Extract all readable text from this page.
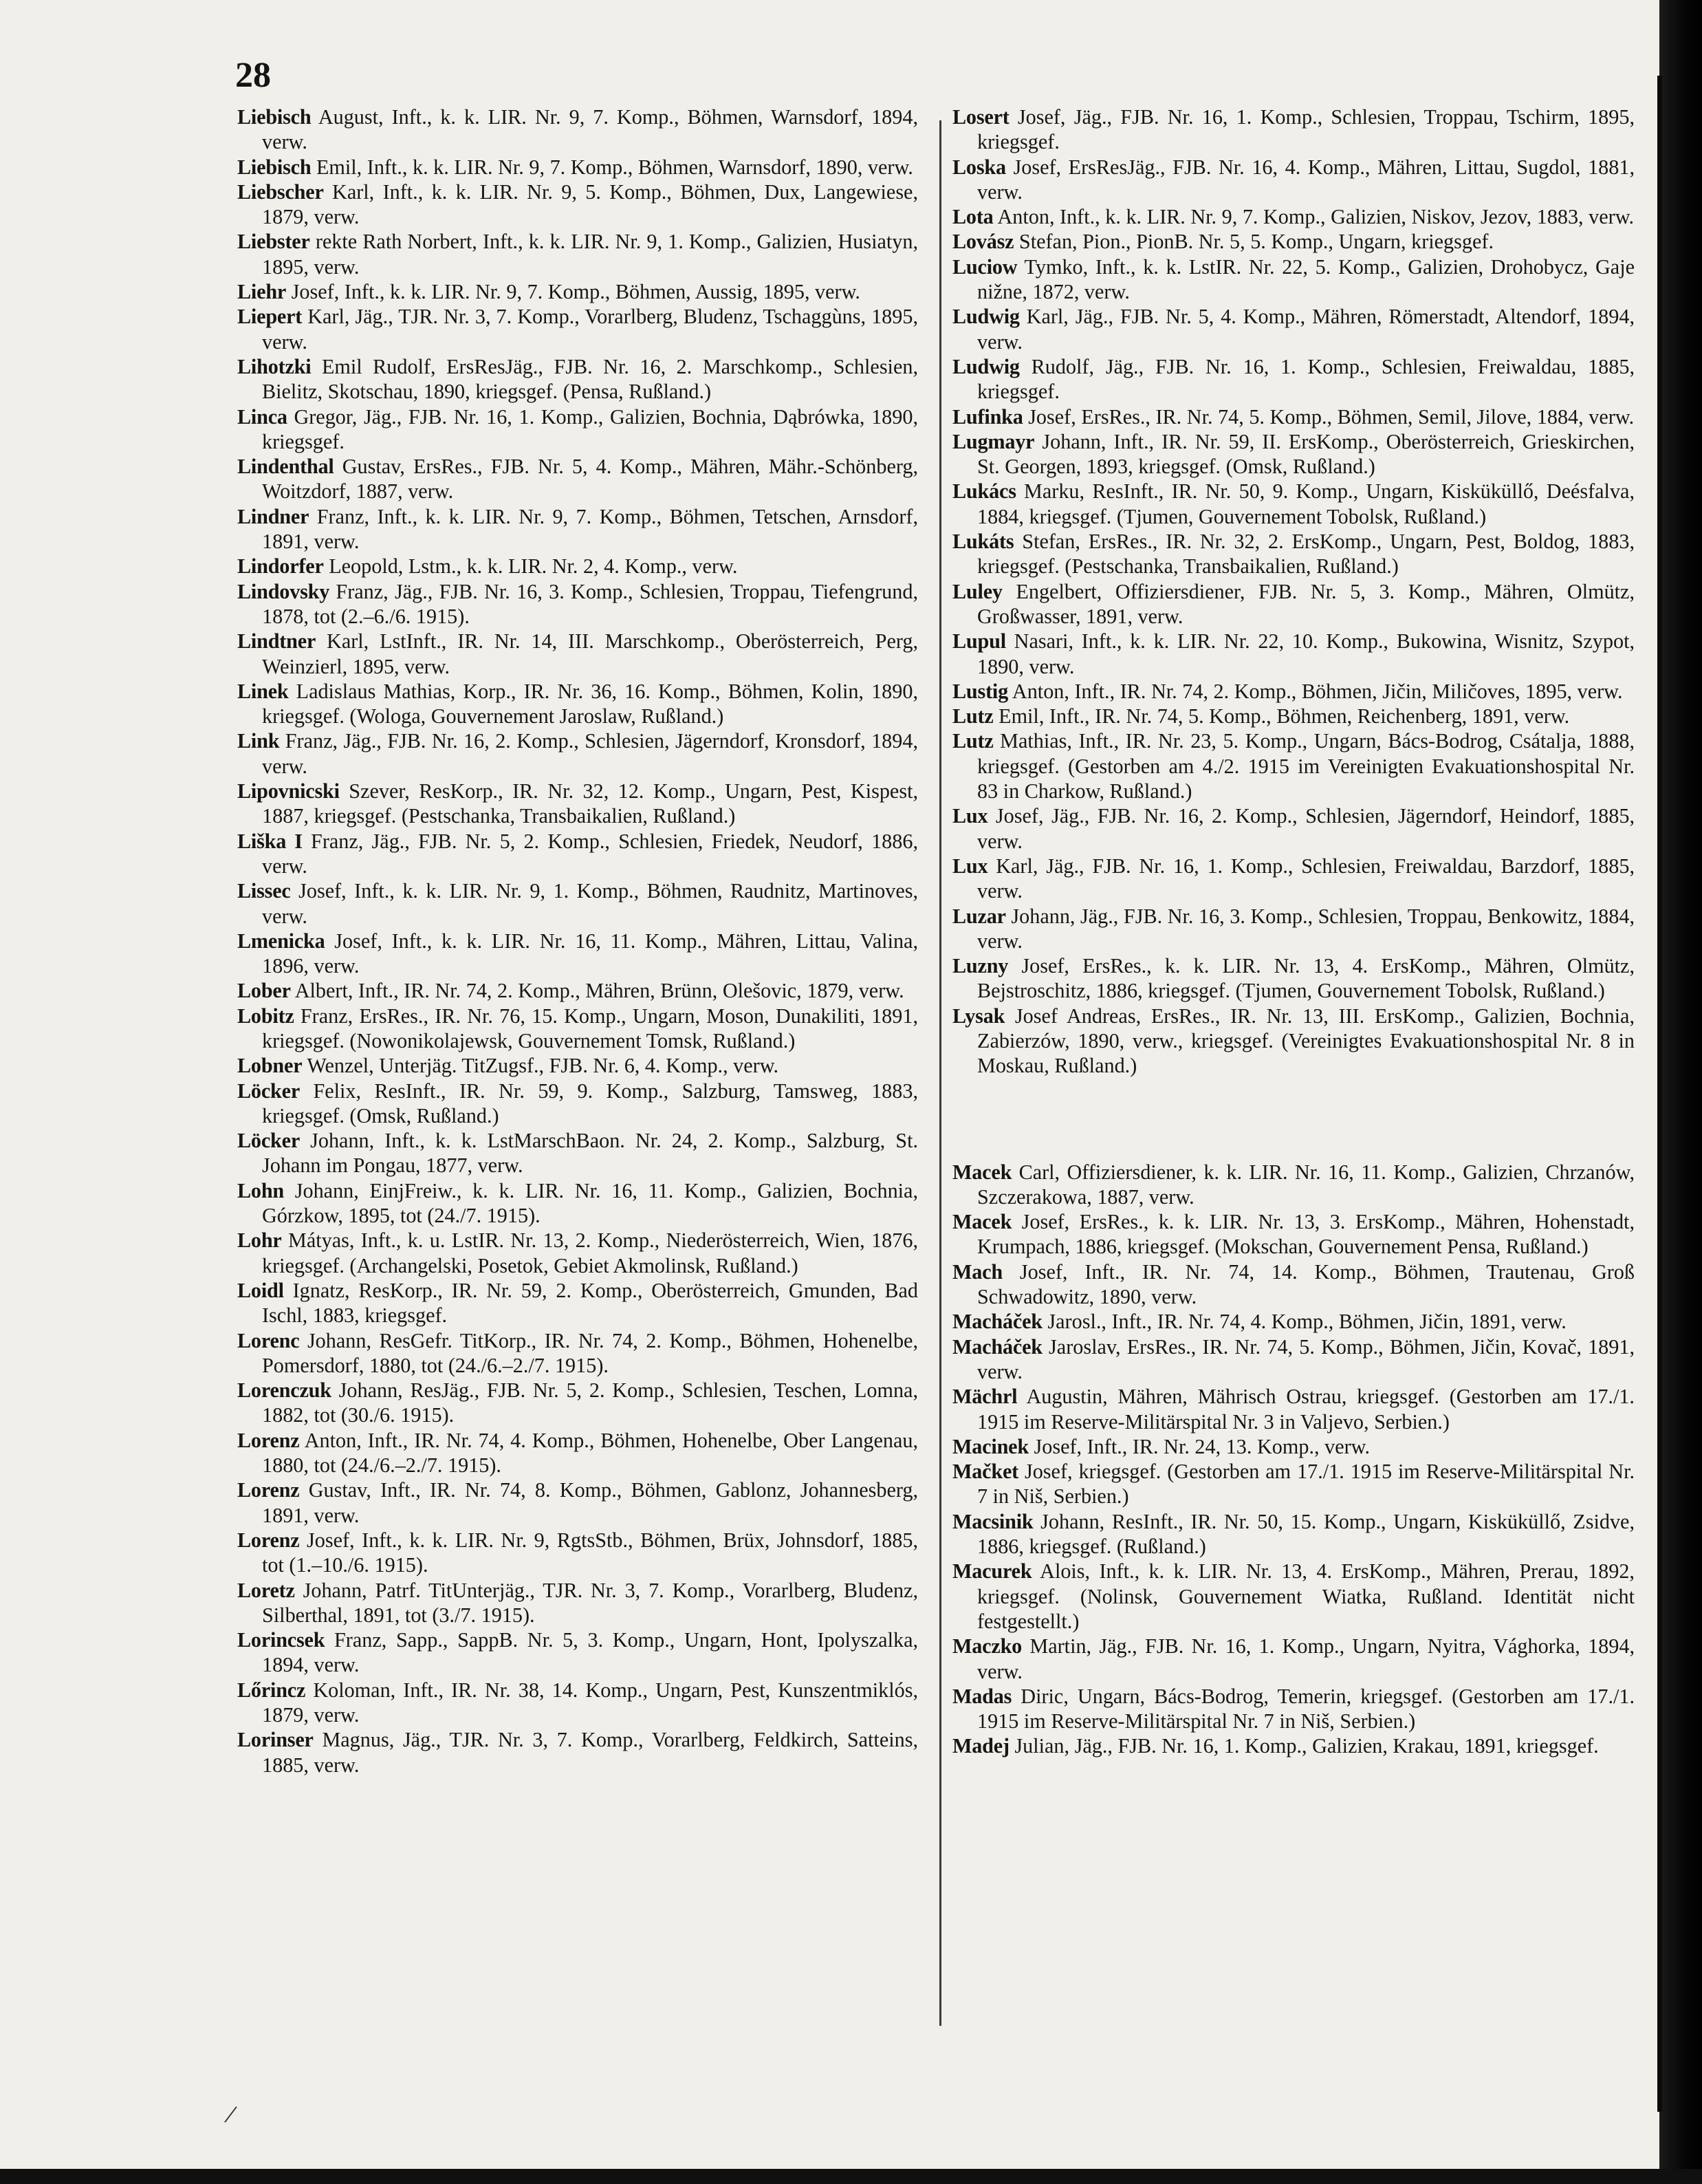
28

Liebisch August, Inft., k. k. LIR. Nr. 9, 7. Komp., Böhmen, Warnsdorf, 1894, verw.

Liebisch Emil, Inft., k. k. LIR. Nr. 9, 7. Komp., Böhmen, Warnsdorf, 1890, verw.

Liebscher Karl, Inft., k. k. LIR. Nr. 9, 5. Komp., Böhmen, Dux, Langewiese, 1879, verw.

Liebster rekte Rath Norbert, Inft., k. k. LIR. Nr. 9, 1. Komp., Galizien, Husiatyn, 1895, verw.

Liehr Josef, Inft., k. k. LIR. Nr. 9, 7. Komp., Böhmen, Aussig, 1895, verw.

Liepert Karl, Jäg., TJR. Nr. 3, 7. Komp., Vorarlberg, Bludenz, Tschaggùns, 1895, verw.

Lihotzki Emil Rudolf, ErsResJäg., FJB. Nr. 16, 2. Marschkomp., Schlesien, Bielitz, Skotschau, 1890, kriegsgef. (Pensa, Rußland.)

Linca Gregor, Jäg., FJB. Nr. 16, 1. Komp., Galizien, Bochnia, Dąbrówka, 1890, kriegsgef.

Lindenthal Gustav, ErsRes., FJB. Nr. 5, 4. Komp., Mähren, Mähr.-Schönberg, Woitzdorf, 1887, verw.

Lindner Franz, Inft., k. k. LIR. Nr. 9, 7. Komp., Böhmen, Tetschen, Arnsdorf, 1891, verw.

Lindorfer Leopold, Lstm., k. k. LIR. Nr. 2, 4. Komp., verw.

Lindovsky Franz, Jäg., FJB. Nr. 16, 3. Komp., Schlesien, Troppau, Tiefengrund, 1878, tot (2.–6./6. 1915).

Lindtner Karl, LstInft., IR. Nr. 14, III. Marschkomp., Oberösterreich, Perg, Weinzierl, 1895, verw.

Linek Ladislaus Mathias, Korp., IR. Nr. 36, 16. Komp., Böhmen, Kolin, 1890, kriegsgef. (Wologa, Gouvernement Jaroslaw, Rußland.)

Link Franz, Jäg., FJB. Nr. 16, 2. Komp., Schlesien, Jägerndorf, Kronsdorf, 1894, verw.

Lipovnicski Szever, ResKorp., IR. Nr. 32, 12. Komp., Ungarn, Pest, Kispest, 1887, kriegsgef. (Pestschanka, Transbaikalien, Rußland.)

Liška I Franz, Jäg., FJB. Nr. 5, 2. Komp., Schlesien, Friedek, Neudorf, 1886, verw.

Lissec Josef, Inft., k. k. LIR. Nr. 9, 1. Komp., Böhmen, Raudnitz, Martinoves, verw.

Lmenicka Josef, Inft., k. k. LIR. Nr. 16, 11. Komp., Mähren, Littau, Valina, 1896, verw.

Lober Albert, Inft., IR. Nr. 74, 2. Komp., Mähren, Brünn, Olešovic, 1879, verw.

Lobitz Franz, ErsRes., IR. Nr. 76, 15. Komp., Ungarn, Moson, Dunakiliti, 1891, kriegsgef. (Nowonikolajewsk, Gouvernement Tomsk, Rußland.)

Lobner Wenzel, Unterjäg. TitZugsf., FJB. Nr. 6, 4. Komp., verw.

Löcker Felix, ResInft., IR. Nr. 59, 9. Komp., Salzburg, Tamsweg, 1883, kriegsgef. (Omsk, Rußland.)

Löcker Johann, Inft., k. k. LstMarschBaon. Nr. 24, 2. Komp., Salzburg, St. Johann im Pongau, 1877, verw.

Lohn Johann, EinjFreiw., k. k. LIR. Nr. 16, 11. Komp., Galizien, Bochnia, Górzkow, 1895, tot (24./7. 1915).

Lohr Mátyas, Inft., k. u. LstIR. Nr. 13, 2. Komp., Niederösterreich, Wien, 1876, kriegsgef. (Archangelski, Posetok, Gebiet Akmolinsk, Rußland.)

Loidl Ignatz, ResKorp., IR. Nr. 59, 2. Komp., Oberösterreich, Gmunden, Bad Ischl, 1883, kriegsgef.

Lorenc Johann, ResGefr. TitKorp., IR. Nr. 74, 2. Komp., Böhmen, Hohenelbe, Pomersdorf, 1880, tot (24./6.–2./7. 1915).

Lorenczuk Johann, ResJäg., FJB. Nr. 5, 2. Komp., Schlesien, Teschen, Lomna, 1882, tot (30./6. 1915).

Lorenz Anton, Inft., IR. Nr. 74, 4. Komp., Böhmen, Hohenelbe, Ober Langenau, 1880, tot (24./6.–2./7. 1915).

Lorenz Gustav, Inft., IR. Nr. 74, 8. Komp., Böhmen, Gablonz, Johannesberg, 1891, verw.

Lorenz Josef, Inft., k. k. LIR. Nr. 9, RgtsStb., Böhmen, Brüx, Johnsdorf, 1885, tot (1.–10./6. 1915).

Loretz Johann, Patrf. TitUnterjäg., TJR. Nr. 3, 7. Komp., Vorarlberg, Bludenz, Silberthal, 1891, tot (3./7. 1915).

Lorincsek Franz, Sapp., SappB. Nr. 5, 3. Komp., Ungarn, Hont, Ipolyszalka, 1894, verw.

Lőrincz Koloman, Inft., IR. Nr. 38, 14. Komp., Ungarn, Pest, Kunszentmiklós, 1879, verw.

Lorinser Magnus, Jäg., TJR. Nr. 3, 7. Komp., Vorarlberg, Feldkirch, Satteins, 1885, verw.

Losert Josef, Jäg., FJB. Nr. 16, 1. Komp., Schlesien, Troppau, Tschirm, 1895, kriegsgef.

Loska Josef, ErsResJäg., FJB. Nr. 16, 4. Komp., Mähren, Littau, Sugdol, 1881, verw.

Lota Anton, Inft., k. k. LIR. Nr. 9, 7. Komp., Galizien, Niskov, Jezov, 1883, verw.

Lovász Stefan, Pion., PionB. Nr. 5, 5. Komp., Ungarn, kriegsgef.

Luciow Tymko, Inft., k. k. LstIR. Nr. 22, 5. Komp., Galizien, Drohobycz, Gaje nižne, 1872, verw.

Ludwig Karl, Jäg., FJB. Nr. 5, 4. Komp., Mähren, Römerstadt, Altendorf, 1894, verw.

Ludwig Rudolf, Jäg., FJB. Nr. 16, 1. Komp., Schlesien, Freiwaldau, 1885, kriegsgef.

Lufinka Josef, ErsRes., IR. Nr. 74, 5. Komp., Böhmen, Semil, Jilove, 1884, verw.

Lugmayr Johann, Inft., IR. Nr. 59, II. ErsKomp., Oberösterreich, Grieskirchen, St. Georgen, 1893, kriegsgef. (Omsk, Rußland.)

Lukács Marku, ResInft., IR. Nr. 50, 9. Komp., Ungarn, Kisküküllő, Deésfalva, 1884, kriegsgef. (Tjumen, Gouvernement Tobolsk, Rußland.)

Lukáts Stefan, ErsRes., IR. Nr. 32, 2. ErsKomp., Ungarn, Pest, Boldog, 1883, kriegsgef. (Pestschanka, Transbaikalien, Rußland.)

Luley Engelbert, Offiziersdiener, FJB. Nr. 5, 3. Komp., Mähren, Olmütz, Großwasser, 1891, verw.

Lupul Nasari, Inft., k. k. LIR. Nr. 22, 10. Komp., Bukowina, Wisnitz, Szypot, 1890, verw.

Lustig Anton, Inft., IR. Nr. 74, 2. Komp., Böhmen, Jičin, Miličoves, 1895, verw.

Lutz Emil, Inft., IR. Nr. 74, 5. Komp., Böhmen, Reichenberg, 1891, verw.

Lutz Mathias, Inft., IR. Nr. 23, 5. Komp., Ungarn, Bács-Bodrog, Csátalja, 1888, kriegsgef. (Gestorben am 4./2. 1915 im Vereinigten Evakuationshospital Nr. 83 in Charkow, Rußland.)

Lux Josef, Jäg., FJB. Nr. 16, 2. Komp., Schlesien, Jägerndorf, Heindorf, 1885, verw.

Lux Karl, Jäg., FJB. Nr. 16, 1. Komp., Schlesien, Freiwaldau, Barzdorf, 1885, verw.

Luzar Johann, Jäg., FJB. Nr. 16, 3. Komp., Schlesien, Troppau, Benkowitz, 1884, verw.

Luzny Josef, ErsRes., k. k. LIR. Nr. 13, 4. ErsKomp., Mähren, Olmütz, Bejstroschitz, 1886, kriegsgef. (Tjumen, Gouvernement Tobolsk, Rußland.)

Lysak Josef Andreas, ErsRes., IR. Nr. 13, III. ErsKomp., Galizien, Bochnia, Zabierzów, 1890, verw., kriegsgef. (Vereinigtes Evakuationshospital Nr. 8 in Moskau, Rußland.)

Macek Carl, Offiziersdiener, k. k. LIR. Nr. 16, 11. Komp., Galizien, Chrzanów, Szczerakowa, 1887, verw.

Macek Josef, ErsRes., k. k. LIR. Nr. 13, 3. ErsKomp., Mähren, Hohenstadt, Krumpach, 1886, kriegsgef. (Mokschan, Gouvernement Pensa, Rußland.)

Mach Josef, Inft., IR. Nr. 74, 14. Komp., Böhmen, Trautenau, Groß Schwadowitz, 1890, verw.

Macháček Jarosl., Inft., IR. Nr. 74, 4. Komp., Böhmen, Jičin, 1891, verw.

Macháček Jaroslav, ErsRes., IR. Nr. 74, 5. Komp., Böhmen, Jičin, Kovač, 1891, verw.

Mächrl Augustin, Mähren, Mährisch Ostrau, kriegsgef. (Gestorben am 17./1. 1915 im Reserve-Militärspital Nr. 3 in Valjevo, Serbien.)

Macinek Josef, Inft., IR. Nr. 24, 13. Komp., verw.

Mačket Josef, kriegsgef. (Gestorben am 17./1. 1915 im Reserve-Militärspital Nr. 7 in Niš, Serbien.)

Macsinik Johann, ResInft., IR. Nr. 50, 15. Komp., Ungarn, Kisküküllő, Zsidve, 1886, kriegsgef. (Rußland.)

Macurek Alois, Inft., k. k. LIR. Nr. 13, 4. ErsKomp., Mähren, Prerau, 1892, kriegsgef. (Nolinsk, Gouvernement Wiatka, Rußland. Identität nicht festgestellt.)

Maczko Martin, Jäg., FJB. Nr. 16, 1. Komp., Ungarn, Nyitra, Vághorka, 1894, verw.

Madas Diric, Ungarn, Bács-Bodrog, Temerin, kriegsgef. (Gestorben am 17./1. 1915 im Reserve-Militärspital Nr. 7 in Niš, Serbien.)

Madej Julian, Jäg., FJB. Nr. 16, 1. Komp., Galizien, Krakau, 1891, kriegsgef.

/
